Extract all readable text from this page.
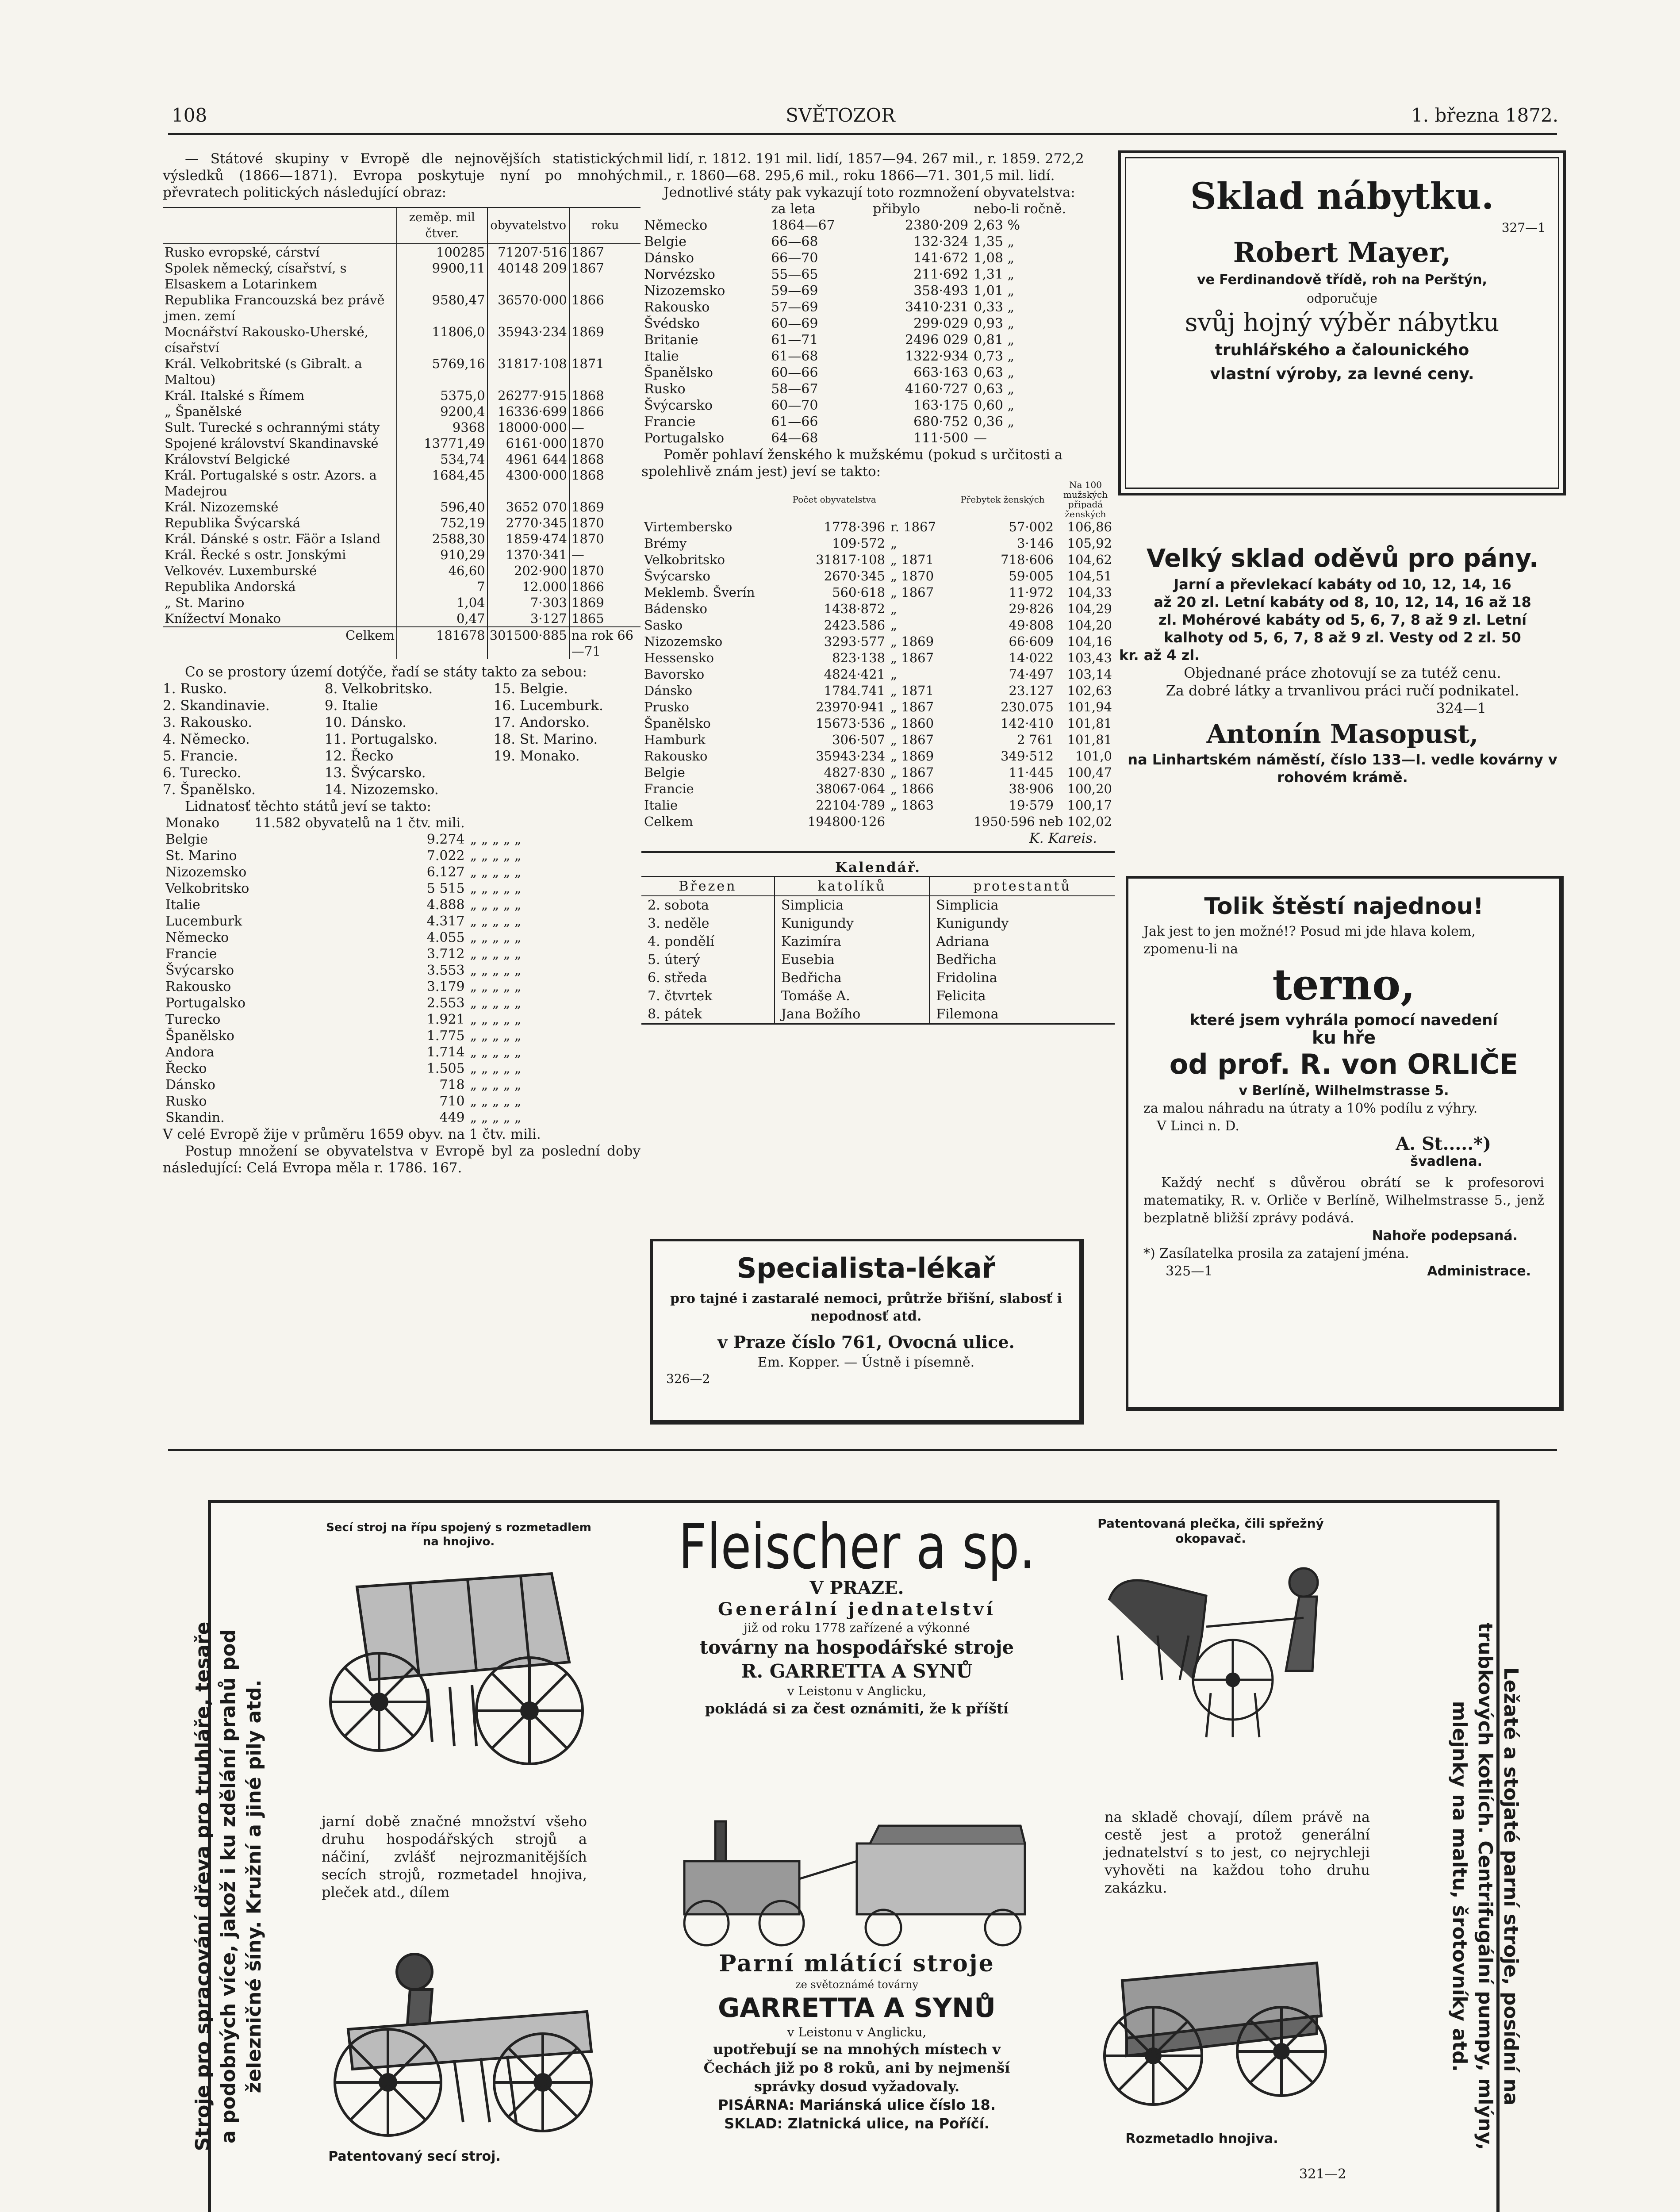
108	SVĚTOZOR	1. března 1872.

— Státové skupiny v Evropě dle nejnovějších statistických výsledků (1866—1871). Evropa poskytuje nyní po mnohých převratech politických následující obraz:

	zeměp. mil čtver.	obyvatelstvo	roku
Rusko evropské, cárství	100285	71207·516	1867
Spolek německý, císařství, s Elsaskem a Lotarinkem	9900,11	40148 209	1867
Republika Francouzská bez právě jmen. zemí	9580,47	36570·000	1866
Mocnářství Rakousko-Uherské, císařství	11806,0	35943·234	1869
Král. Velkobritské (s Gibralt. a Maltou)	5769,16	31817·108	1871
Král. Italské s Římem	5375,0	26277·915	1868
„ Španělské	9200,4	16336·699	1866
Sult. Turecké s ochrannými státy	9368	18000·000	—
Spojené království Skandinavské	13771,49	6161·000	1870
Království Belgické	534,74	4961 644	1868
Král. Portugalské s ostr. Azors. a Madejrou	1684,45	4300·000	1868
Král. Nizozemské	596,40	3652 070	1869
Republika Švýcarská	752,19	2770·345	1870
Král. Dánské s ostr. Fäör a Island	2588,30	1859·474	1870
Král. Řecké s ostr. Jonskými	910,29	1370·341	—
Velkovév. Luxemburské	46,60	202·900	1870
Republika Andorská	7	12.000	1866
„ St. Marino	1,04	7·303	1869
Knížectví Monako	0,47	3·127	1865
Celkem	181678	301500·885	na rok 66—71

Co se prostory území dotýče, řadí se státy takto za sebou:

1. Rusko.	8. Velkobritsko.	15. Belgie.
2. Skandinavie.	9. Italie	16. Lucemburk.
3. Rakousko.	10. Dánsko.	17. Andorsko.
4. Německo.	11. Portugalsko.	18. St. Marino.
5. Francie.	12. Řecko	19. Monako.
6. Turecko.	13. Švýcarsko.
7. Španělsko.	14. Nizozemsko.

Lidnatosť těchto států jeví se takto:

Monako	11.582 obyvatelů na 1 čtv. mili.	
Belgie	9.274	„ „ „ „ „
St. Marino	7.022	„ „ „ „ „
Nizozemsko	6.127	„ „ „ „ „
Velkobritsko	5 515	„ „ „ „ „
Italie	4.888	„ „ „ „ „
Lucemburk	4.317	„ „ „ „ „
Německo	4.055	„ „ „ „ „
Francie	3.712	„ „ „ „ „
Švýcarsko	3.553	„ „ „ „ „
Rakousko	3.179	„ „ „ „ „
Portugalsko	2.553	„ „ „ „ „
Turecko	1.921	„ „ „ „ „
Španělsko	1.775	„ „ „ „ „
Andora	1.714	„ „ „ „ „
Řecko	1.505	„ „ „ „ „
Dánsko	718	„ „ „ „ „
Rusko	710	„ „ „ „ „
Skandin.	449	„ „ „ „ „

V celé Evropě žije v průměru 1659 obyv. na 1 čtv. mili.

Postup množení se obyvatelstva v Evropě byl za poslední doby následující: Celá Evropa měla r. 1786. 167.

mil lidí, r. 1812. 191 mil. lidí, 1857—94. 267 mil., r. 1859. 272,2 mil., r. 1860—68. 295,6 mil., roku 1866—71. 301,5 mil. lidí.

Jednotlivé státy pak vykazují toto rozmnožení obyvatelstva:

	za leta	přibylo	nebo-li ročně.
Německo	1864—67	2380·209	2,63 %
Belgie	66—68	132·324	1,35 „
Dánsko	66—70	141·672	1,08 „
Norvézsko	55—65	211·692	1,31 „
Nizozemsko	59—69	358·493	1,01 „
Rakousko	57—69	3410·231	0,33 „
Švédsko	60—69	299·029	0,93 „
Britanie	61—71	2496 029	0,81 „
Italie	61—68	1322·934	0,73 „
Španělsko	60—66	663·163	0,63 „
Rusko	58—67	4160·727	0,63 „
Švýcarsko	60—70	163·175	0,60 „
Francie	61—66	680·752	0,36 „
Portugalsko	64—68	111·500	—

Poměr pohlaví ženského k mužskému (pokud s určitosti a spolehlivě znám jest) jeví se takto:

	Počet obyvatelstva		Přebytek ženských	Na 100 mužských připadá ženských
Virtembersko	1778·396	r. 1867	57·002	106,86
Brémy	109·572	„	3·146	105,92
Velkobritsko	31817·108	„ 1871	718·606	104,62
Švýcarsko	2670·345	„ 1870	59·005	104,51
Meklemb. Šverín	560·618	„ 1867	11·972	104,33
Bádensko	1438·872	„	29·826	104,29
Sasko	2423.586	„	49·808	104,20
Nizozemsko	3293·577	„ 1869	66·609	104,16
Hessensko	823·138	„ 1867	14·022	103,43
Bavorsko	4824·421	„	74·497	103,14
Dánsko	1784.741	„ 1871	23.127	102,63
Prusko	23970·941	„ 1867	230.075	101,94
Španělsko	15673·536	„ 1860	142·410	101,81
Hamburk	306·507	„ 1867	2 761	101,81
Rakousko	35943·234	„ 1869	349·512	101,0
Belgie	4827·830	„ 1867	11·445	100,47
Francie	38067·064	„ 1866	38·906	100,20
Italie	22104·789	„ 1863	19·579	100,17
Celkem	194800·126		1950·596 neb 102,02	

K. Kareis.

Kalendář.

Březen	katolíků	protestantů
2. sobota	Simplicia	Simplicia
3. neděle	Kunigundy	Kunigundy
4. pondělí	Kazimíra	Adriana
5. úterý	Eusebia	Bedřicha
6. středa	Bedřicha	Fridolina
7. čtvrtek	Tomáše A.	Felicita
8. pátek	Jana Božího	Filemona
Specialista-lékař
pro tajné i zastaralé nemoci, průtrže břišní, slabosť i nepodnosť atd.
v Praze číslo 761, Ovocná ulice.
Em. Kopper. — Ústně i písemně.
326—2
Sklad nábytku.
327—1
Robert Mayer,
ve Ferdinandově třídě, roh na Perštýn,
odporučuje
svůj hojný výběr nábytku
truhlářského a čalounického
vlastní výroby, za levné ceny.
Velký sklad oděvů pro pány.
Jarní a převlekací kabáty od 10, 12, 14, 16
až 20 zl. Letní kabáty od 8, 10, 12, 14, 16 až 18
zl. Mohérové kabáty od 5, 6, 7, 8 až 9 zl. Letní
kalhoty od 5, 6, 7, 8 až 9 zl. Vesty od 2 zl. 50
kr. až 4 zl.
Objednané práce zhotovují se za tutéž cenu.
Za dobré látky a trvanlivou práci ručí podnikatel.
324—1
Antonín Masopust,
na Linhartském náměstí, číslo 133—I. vedle kovárny v rohovém krámě.
Tolik štěstí najednou!
Jak jest to jen možné!? Posud mi jde hlava kolem, zpomenu-li na
terno,
které jsem vyhrála pomocí navedení
ku hře
od prof. R. von ORLIČE
v Berlíně, Wilhelmstrasse 5.
za malou náhradu na útraty a 10% podílu z výhry.
V Linci n. D.
A. St.....*)
švadlena.
Každý nechť s důvěrou obrátí se k profesorovi matematiky, R. v. Orliče v Berlíně, Wilhelmstrasse 5., jenž bezplatně bližší zprávy podává.
Nahoře podepsaná.
*) Zasílatelka prosila za zatajení jména.
325—1	Administrace.
Stroje pro spracování dřeva pro truhláře, tesaře a podobných více, jakož i ku zdělání prahů pod železničné šíny. Kružní a jiné pily atd.	Ležaté a stojaté parní stroje, posídní na trubkových kotlích. Centrifugální pumpy, mlýny, mlejnky na maltu, šrotovníky atd.
Secí stroj na řípu spojený s rozmetadlem na hnojivo.
Patentovaný secí stroj.
Patentovaná plečka, čili spřežný okopavač.
Rozmetadlo hnojiva.
Fleischer a sp.
V PRAZE.
Generální jednatelství
již od roku 1778 zařízené a výkonné
továrny na hospodářské stroje
R. GARRETTA A SYNŮ
v Leistonu v Anglicku,
pokládá si za čest oznámiti, že k příští
jarní době značné množství všeho druhu hospodářských strojů a náčiní, zvlášť nejrozmanitějších secích strojů, rozmetadel hnojiva, pleček atd., dílem
na skladě chovají, dílem právě na cestě jest a protož generální jednatelství s to jest, co nejrychleji vyhověti na každou toho druhu zakázku.
Parní mlátící stroje
ze světoznámé továrny
GARRETTA A SYNŮ
v Leistonu v Anglicku,
upotřebují se na mnohých místech v Čechách již po 8 roků, ani by nejmenší správky dosud vyžadovaly.
PISÁRNA: Mariánská ulice číslo 18.
SKLAD: Zlatnická ulice, na Poříčí.
321—2
